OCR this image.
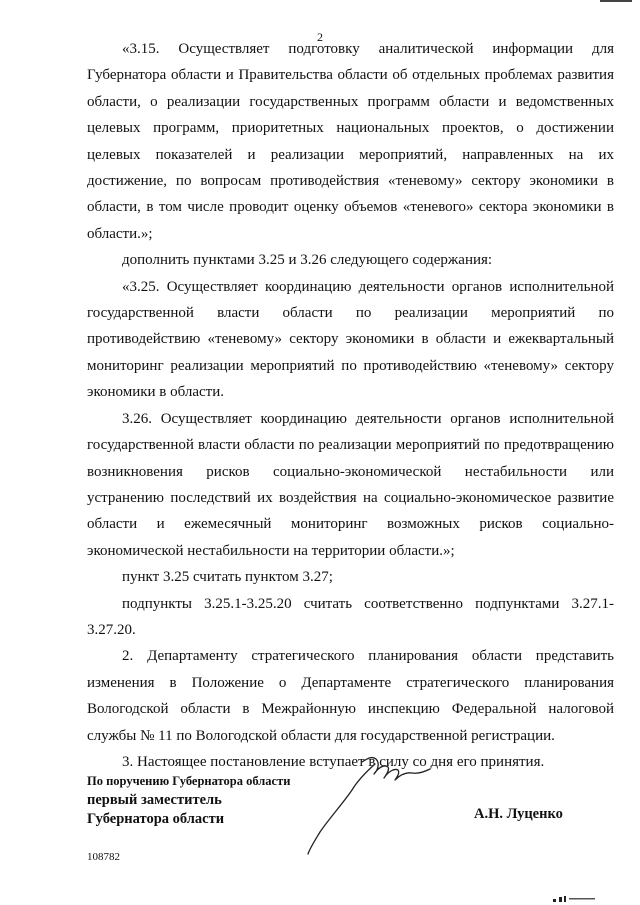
2

«3.15. Осуществляет подготовку аналитической информации для Губернатора области и Правительства области об отдельных проблемах развития области, о реализации государственных программ области и ведомственных целевых программ, приоритетных национальных проектов, о достижении целевых показателей и реализации мероприятий, направленных на их достижение, по вопросам противодействия «теневому» сектору экономики в области, в том числе проводит оценку объемов «теневого» сектора экономики в области.»;

дополнить пунктами 3.25 и 3.26 следующего содержания:

«3.25. Осуществляет координацию деятельности органов исполнительной государственной власти области по реализации мероприятий по противодействию «теневому» сектору экономики в области и ежеквартальный мониторинг реализации мероприятий по противодействию «теневому» сектору экономики в области.

3.26. Осуществляет координацию деятельности органов исполнительной государственной власти области по реализации мероприятий по предотвращению возникновения рисков социально-экономической нестабильности или устранению последствий их воздействия на социально-экономическое развитие области и ежемесячный мониторинг возможных рисков социально-экономической нестабильности на территории области.»;

пункт 3.25 считать пунктом 3.27;

подпункты 3.25.1-3.25.20 считать соответственно подпунктами 3.27.1-3.27.20.

2. Департаменту стратегического планирования области представить изменения в Положение о Департаменте стратегического планирования Вологодской области в Межрайонную инспекцию Федеральной налоговой службы № 11 по Вологодской области для государственной регистрации.

3. Настоящее постановление вступает в силу со дня его принятия.

По поручению Губернатора области
первый заместитель
Губернатора области	А.Н. Луценко
108782
